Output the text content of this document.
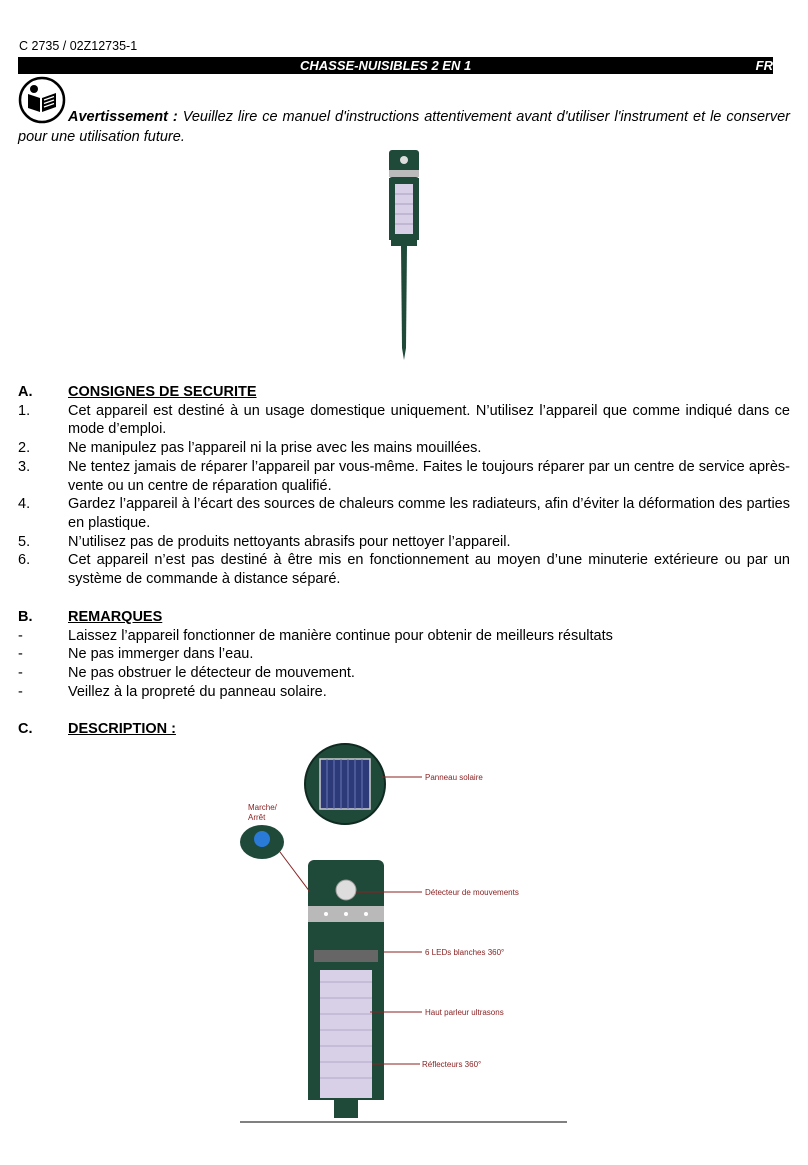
C 2735 / 02Z12735-1
CHASSE-NUISIBLES 2 EN 1	FR
Avertissement : Veuillez lire ce manuel d'instructions attentivement avant d'utiliser l'instrument et le conserver pour une utilisation future.
A.	CONSIGNES DE SECURITE
1.	Cet appareil est destiné à un usage domestique uniquement. N’utilisez l’appareil que comme indiqué dans ce mode d’emploi.
2.	Ne manipulez pas l’appareil ni la prise avec les mains mouillées.
3.	Ne tentez jamais de réparer l’appareil par vous-même. Faites le toujours réparer par un centre de service après-vente ou un centre de réparation qualifié.
4.	Gardez l’appareil à l’écart des sources de chaleurs comme les radiateurs, afin d’éviter la déformation des parties en plastique.
5.	N’utilisez pas de produits nettoyants abrasifs pour nettoyer l’appareil.
6.	Cet appareil n’est pas destiné à être mis en fonctionnement au moyen d’une minuterie extérieure ou par un système de commande à distance séparé.
B.	REMARQUES
-	Laissez l’appareil fonctionner de manière continue pour obtenir de meilleurs résultats
-	Ne pas immerger dans l’eau.
-	Ne pas obstruer le détecteur de mouvement.
-	Veillez à la propreté du panneau solaire.
C.	DESCRIPTION :
Panneau solaire
Marche/
Arrêt
Détecteur de mouvements
6 LEDs blanches 360°
Haut parleur ultrasons
Réflecteurs 360°
